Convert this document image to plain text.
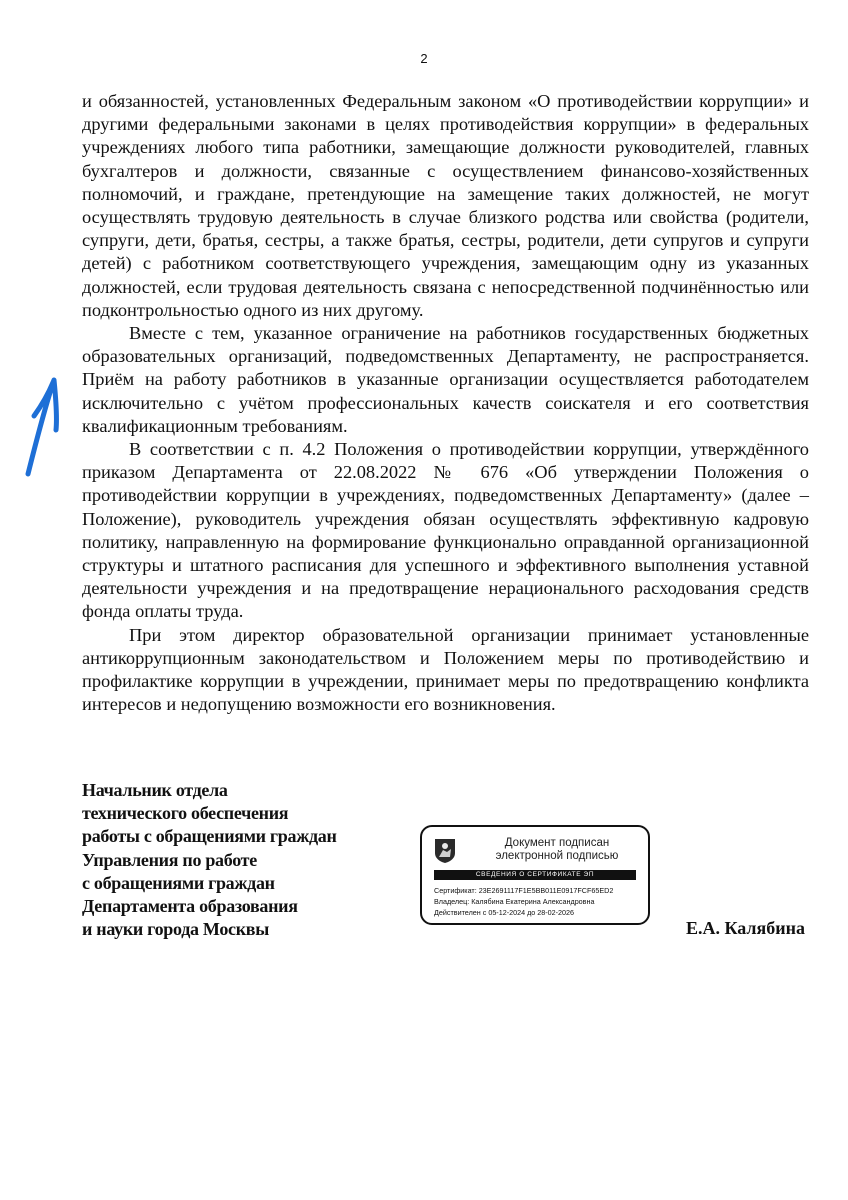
2

и обязанностей, установленных Федеральным законом «О противодействии коррупции» и другими федеральными законами в целях противодействия коррупции» в федеральных учреждениях любого типа работники, замещающие должности руководителей, главных бухгалтеров и должности, связанные с осуществлением финансово-хозяйственных полномочий, и граждане, претендующие на замещение таких должностей, не могут осуществлять трудовую деятельность в случае близкого родства или свойства (родители, супруги, дети, братья, сестры, а также братья, сестры, родители, дети супругов и супруги детей) с работником соответствующего учреждения, замещающим одну из указанных должностей, если трудовая деятельность связана с непосредственной подчинённостью или подконтрольностью одного из них другому.

Вместе с тем, указанное ограничение на работников государственных бюджетных образовательных организаций, подведомственных Департаменту, не распространяется. Приём на работу работников в указанные организации осуществляется работодателем исключительно с учётом профессиональных качеств соискателя и его соответствия квалификационным требованиям.

В соответствии с п. 4.2 Положения о противодействии коррупции, утверждённого приказом Департамента от 22.08.2022 № 676 «Об утверждении Положения о противодействии коррупции в учреждениях, подведомственных Департаменту» (далее – Положение), руководитель учреждения обязан осуществлять эффективную кадровую политику, направленную на формирование функционально оправданной организационной структуры и штатного расписания для успешного и эффективного выполнения уставной деятельности учреждения и на предотвращение нерационального расходования средств фонда оплаты труда.

При этом директор образовательной организации принимает установленные антикоррупционным законодательством и Положением меры по противодействию и профилактике коррупции в учреждении, принимает меры по предотвращению конфликта интересов и недопущению возможности его возникновения.

Начальник отдела
технического обеспечения
работы с обращениями граждан
Управления по работе
с обращениями граждан
Департамента образования
и науки города Москвы
Документ подписан
электронной подписью
СВЕДЕНИЯ О СЕРТИФИКАТЕ ЭП
Сертификат: 23E2691117F1E5BB011E0917FCF65ED2
Владелец: Калябина Екатерина Александровна
Действителен с 05-12-2024 до 28-02-2026
Е.А. Калябина
